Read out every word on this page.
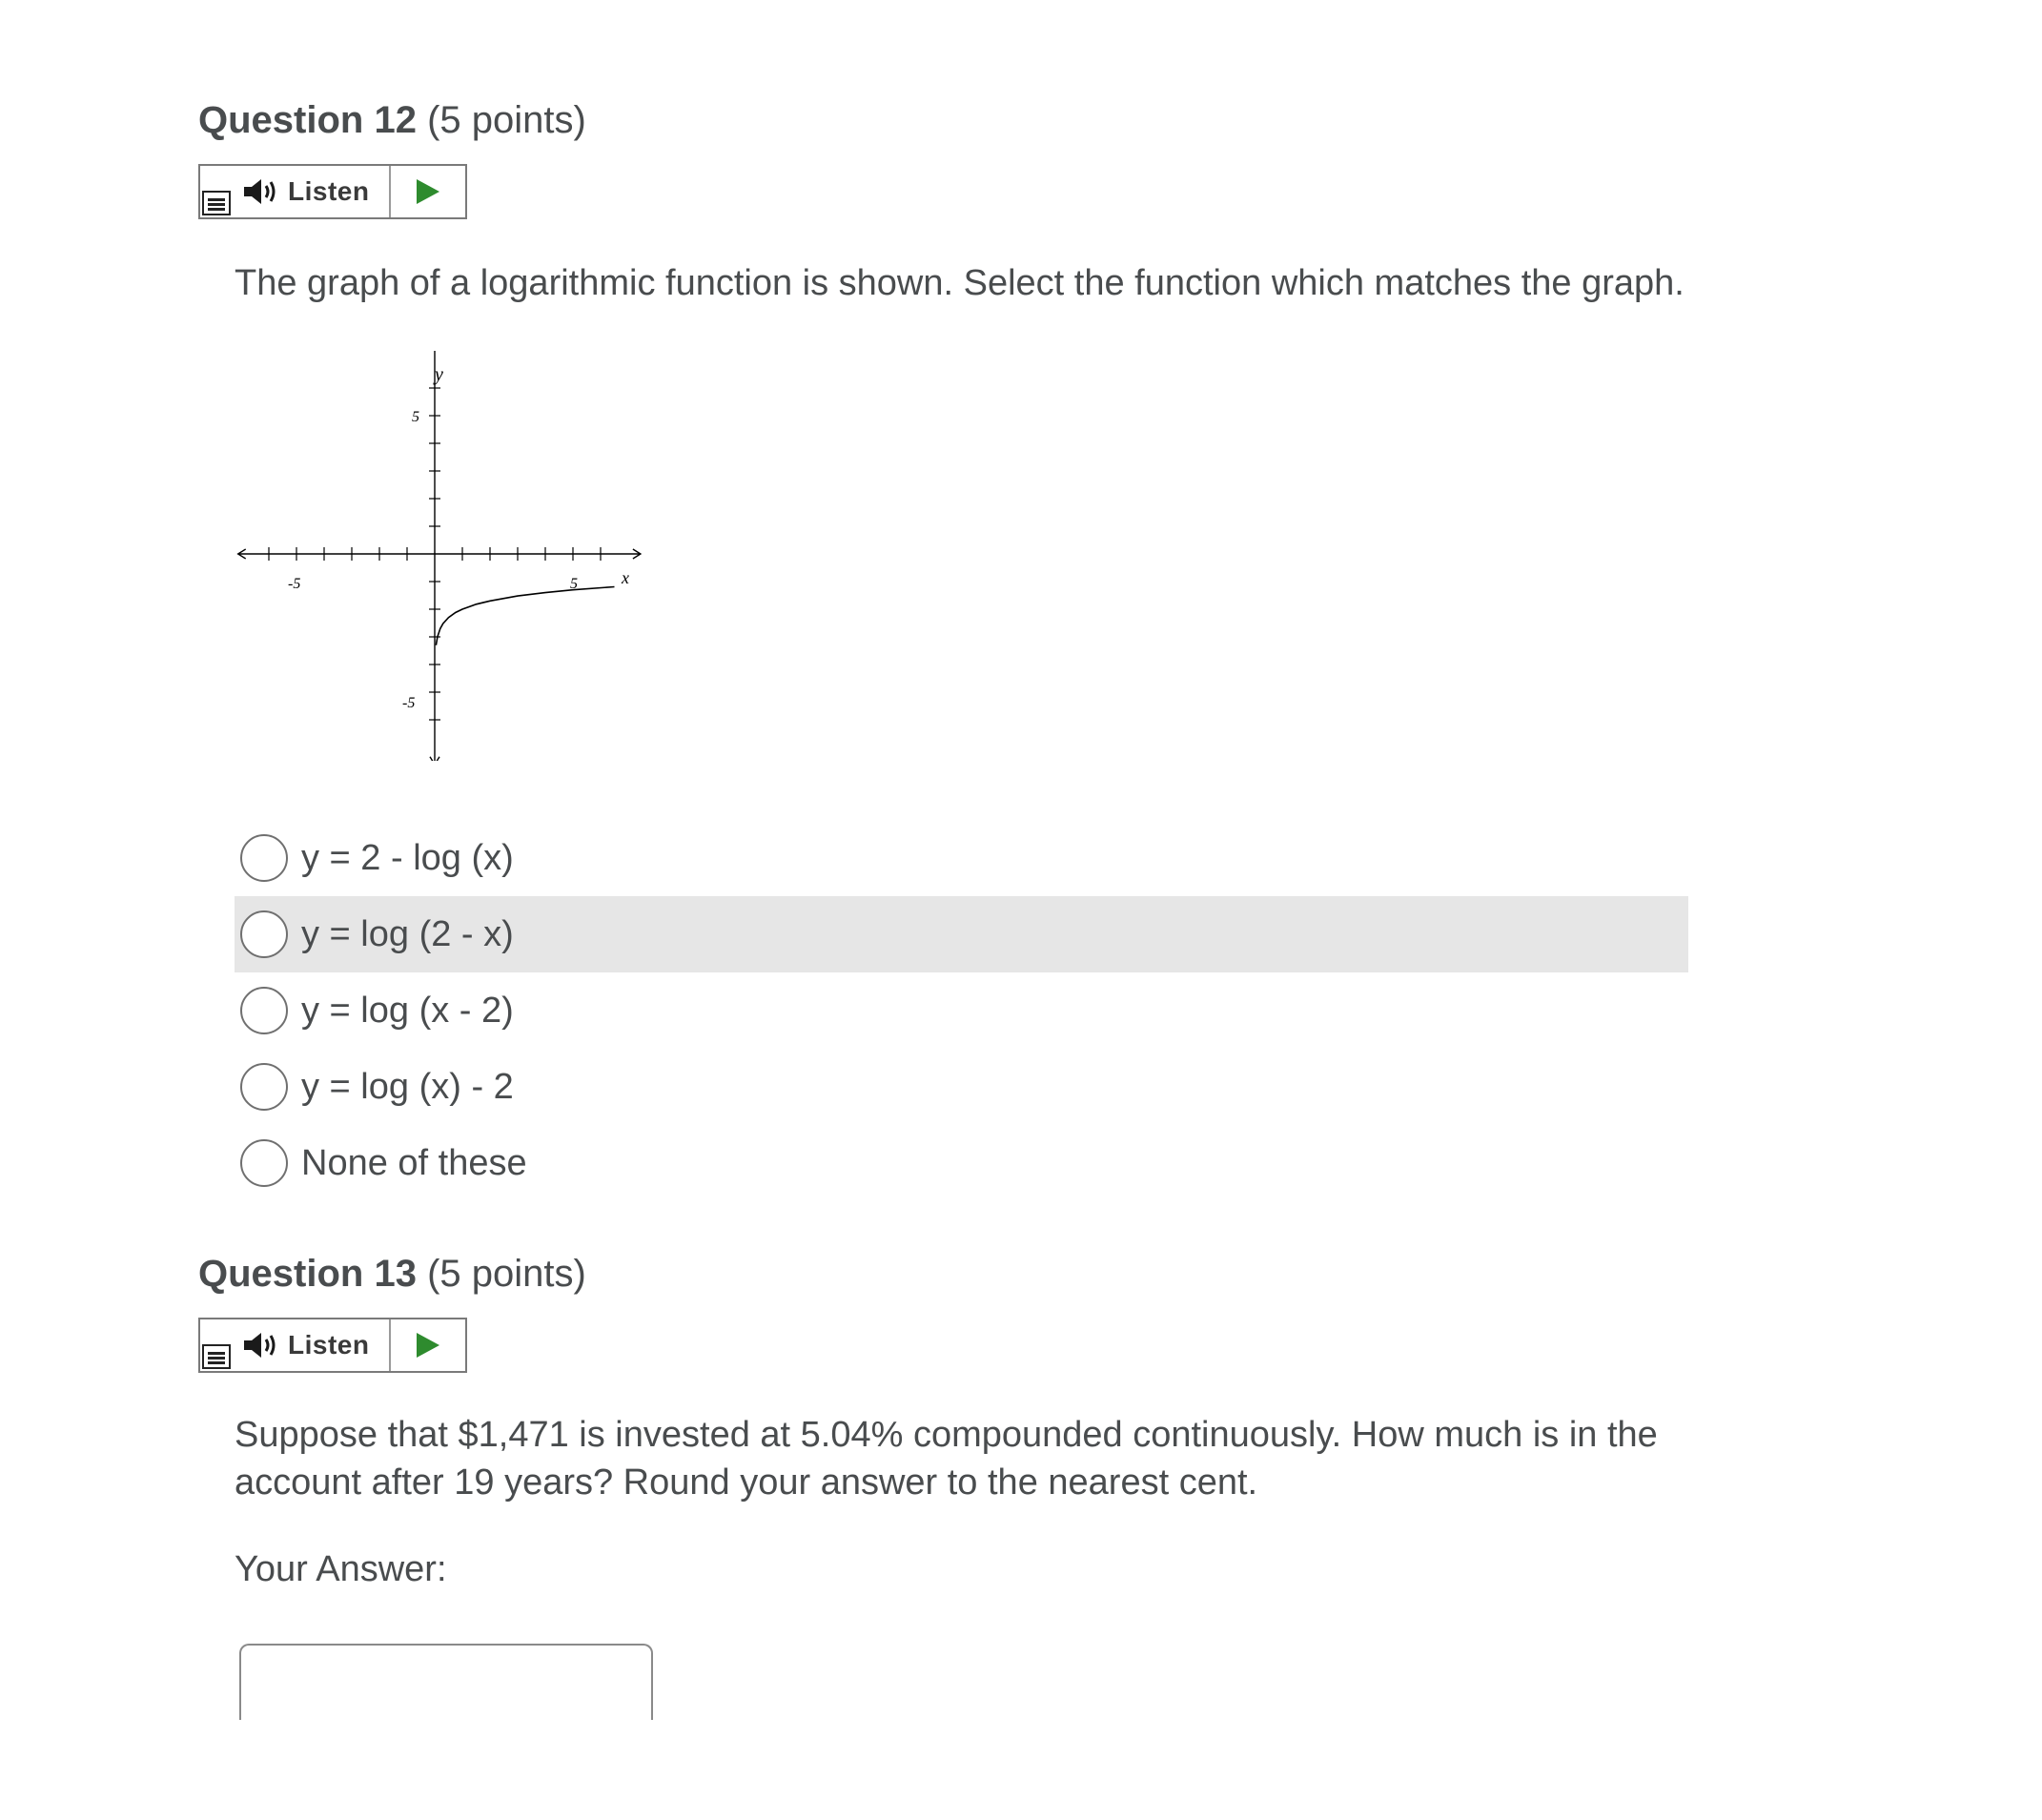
Question 12 (5 points)
Listen
The graph of a logarithmic function is shown. Select the function which matches the graph.
y
x
-5	5
5
-5
y = 2 - log (x)
y = log (2 - x)
y = log (x - 2)
y = log (x) - 2
None of these
Question 13 (5 points)
Listen
Suppose that $1,471 is invested at 5.04% compounded continuously. How much is in the account after 19 years? Round your answer to the nearest cent.
Your Answer:
